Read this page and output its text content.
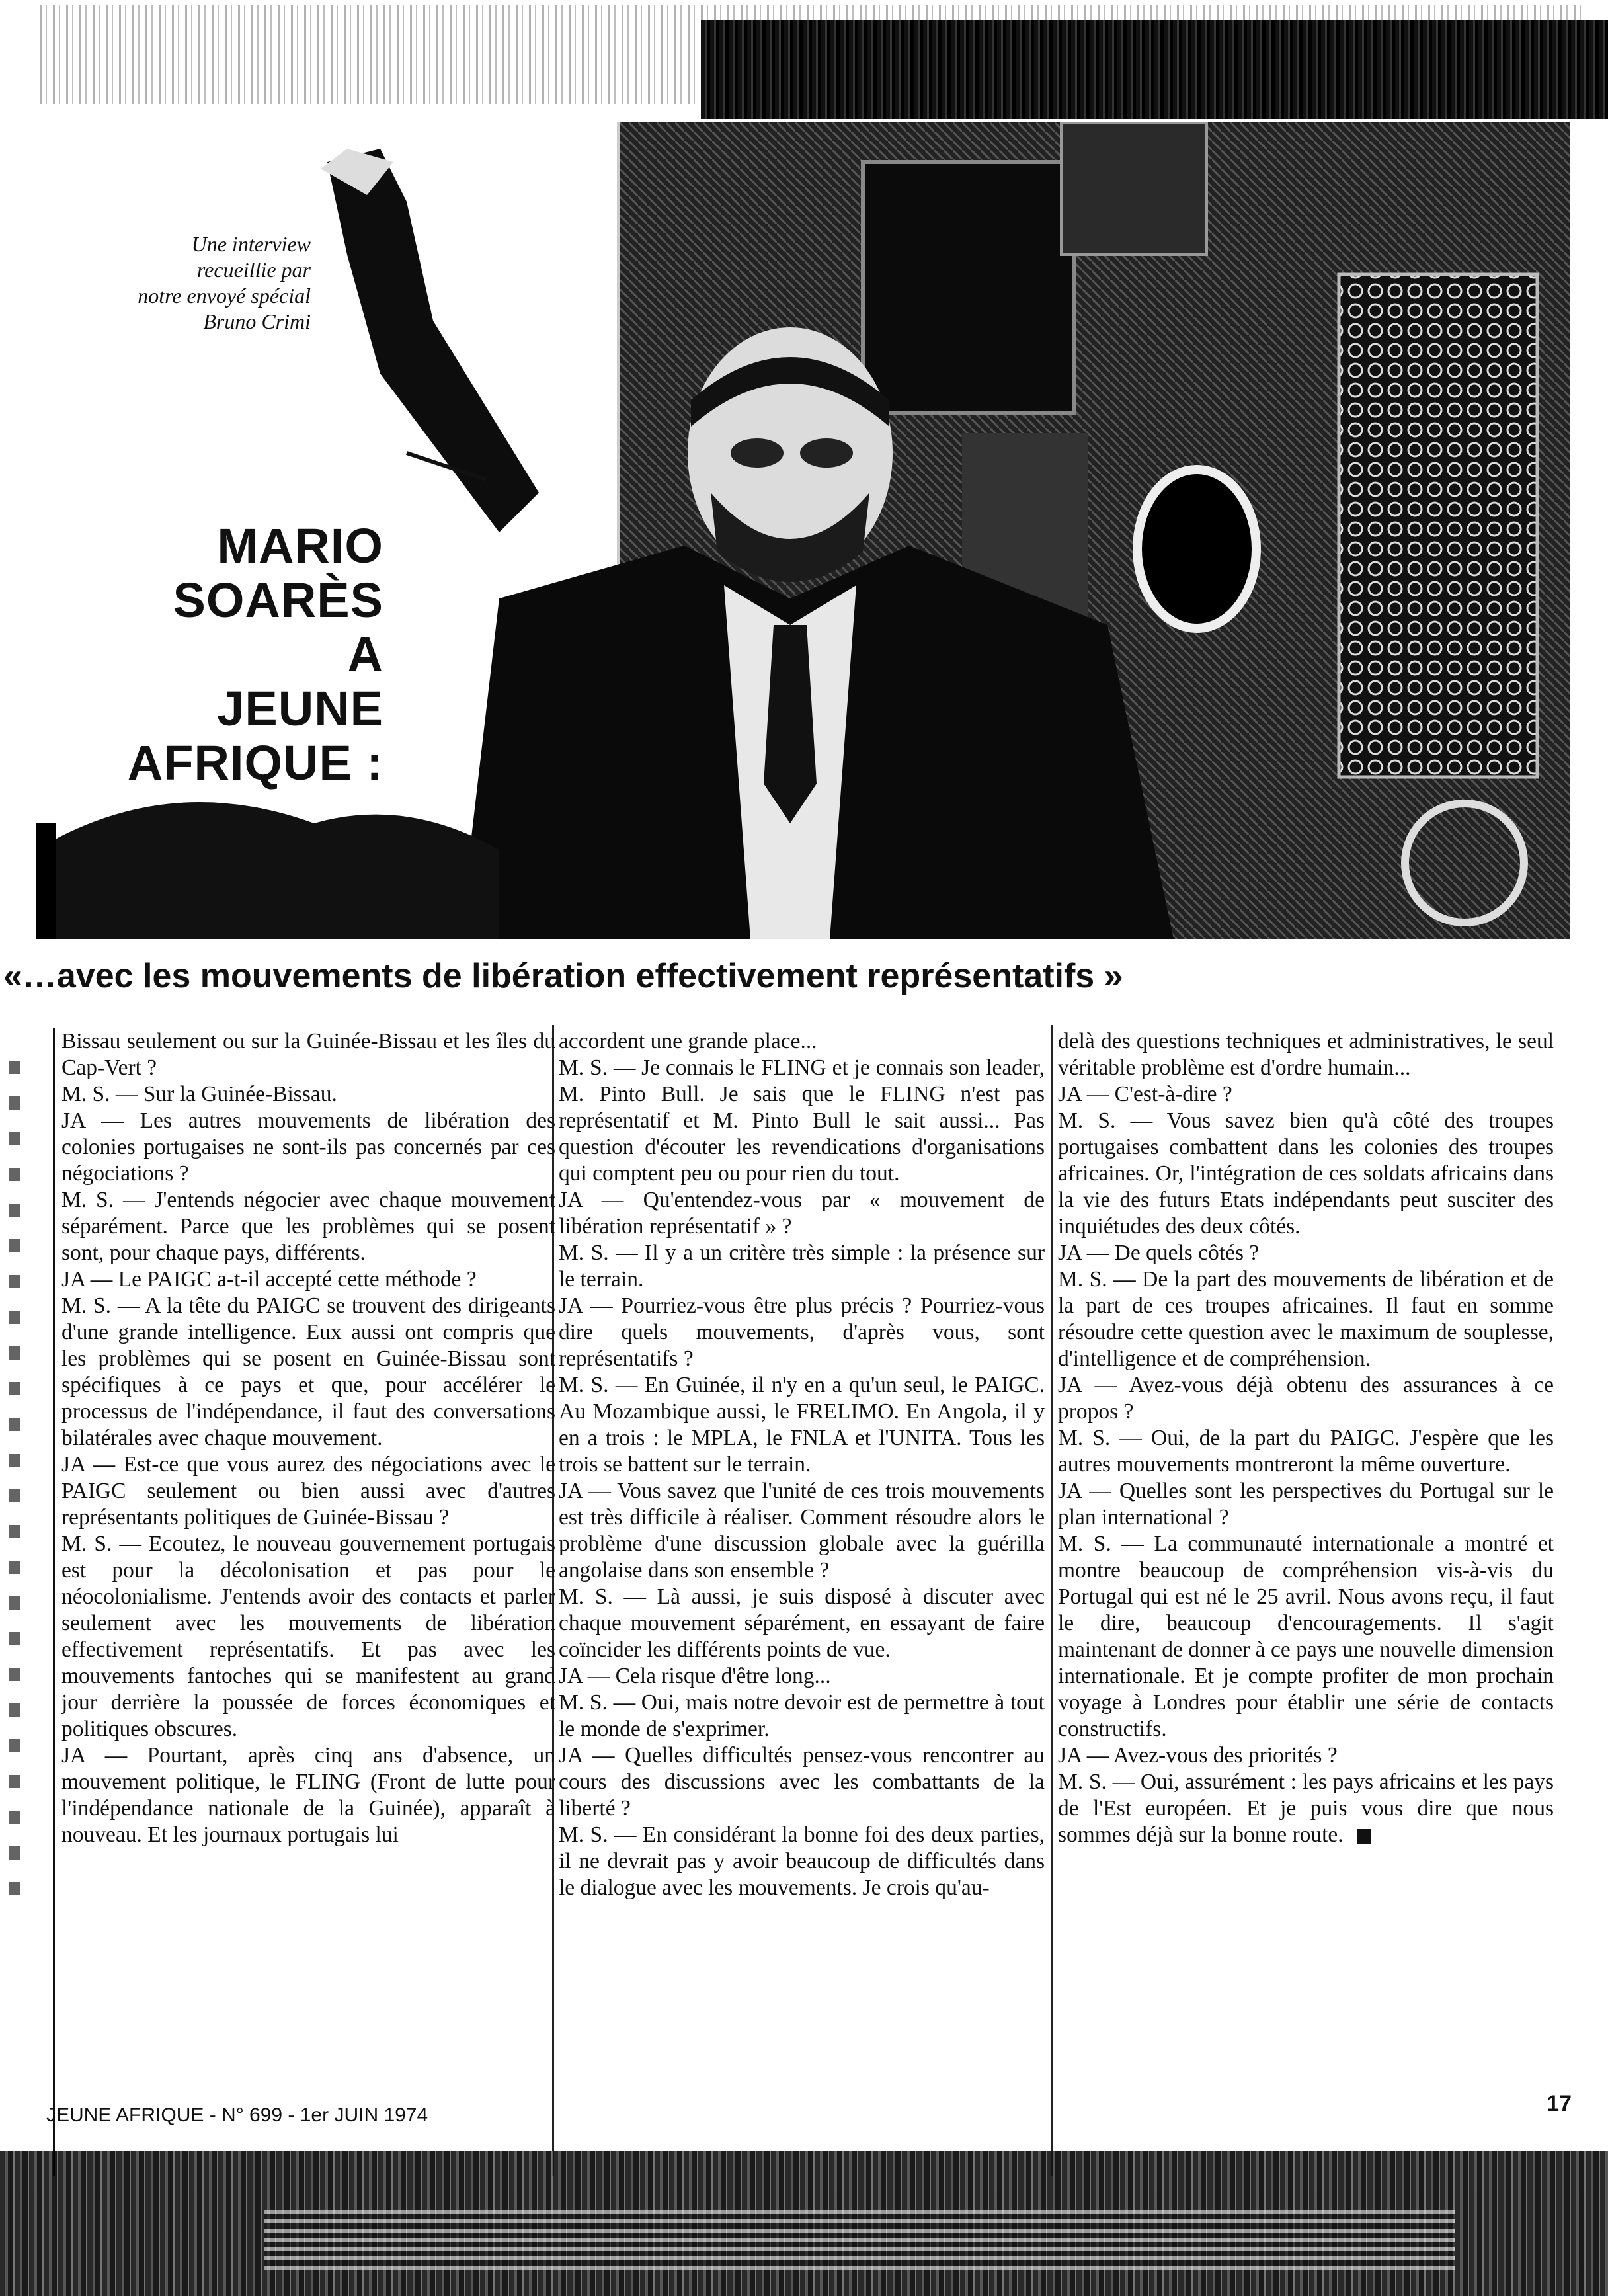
Une interview
recueillie par
notre envoyé spécial
Bruno Crimi
MARIO
SOARÈS
A
JEUNE
AFRIQUE :
«…avec les mouvements de libération effectivement représentatifs »

Bissau seulement ou sur la Guinée-Bissau et les îles du Cap-Vert ?

M. S. — Sur la Guinée-Bissau.

JA — Les autres mouvements de libération des colonies portugaises ne sont-ils pas concernés par ces négociations ?

M. S. — J'entends négocier avec chaque mouvement séparément. Parce que les problèmes qui se posent sont, pour chaque pays, différents.

JA — Le PAIGC a-t-il accepté cette méthode ?

M. S. — A la tête du PAIGC se trouvent des dirigeants d'une grande intelligence. Eux aussi ont compris que les problèmes qui se posent en Guinée-Bissau sont spécifiques à ce pays et que, pour accélérer le processus de l'indépendance, il faut des conversations bilatérales avec chaque mouvement.

JA — Est-ce que vous aurez des négociations avec le PAIGC seulement ou bien aussi avec d'autres représentants politiques de Guinée-Bissau ?

M. S. — Ecoutez, le nouveau gouvernement portugais est pour la décolonisation et pas pour le néocolonialisme. J'entends avoir des contacts et parler seulement avec les mouvements de libération effectivement représentatifs. Et pas avec les mouvements fantoches qui se manifestent au grand jour derrière la poussée de forces économiques et politiques obscures.

JA — Pourtant, après cinq ans d'absence, un mouvement politique, le FLING (Front de lutte pour l'indépendance nationale de la Guinée), apparaît à nouveau. Et les journaux portugais lui

accordent une grande place...

M. S. — Je connais le FLING et je connais son leader, M. Pinto Bull. Je sais que le FLING n'est pas représentatif et M. Pinto Bull le sait aussi... Pas question d'écouter les revendications d'organisations qui comptent peu ou pour rien du tout.

JA — Qu'entendez-vous par « mouvement de libération représentatif » ?

M. S. — Il y a un critère très simple : la présence sur le terrain.

JA — Pourriez-vous être plus précis ? Pourriez-vous dire quels mouvements, d'après vous, sont représentatifs ?

M. S. — En Guinée, il n'y en a qu'un seul, le PAIGC. Au Mozambique aussi, le FRELIMO. En Angola, il y en a trois : le MPLA, le FNLA et l'UNITA. Tous les trois se battent sur le terrain.

JA — Vous savez que l'unité de ces trois mouvements est très difficile à réaliser. Comment résoudre alors le problème d'une discussion globale avec la guérilla angolaise dans son ensemble ?

M. S. — Là aussi, je suis disposé à discuter avec chaque mouvement séparément, en essayant de faire coïncider les différents points de vue.

JA — Cela risque d'être long...

M. S. — Oui, mais notre devoir est de permettre à tout le monde de s'exprimer.

JA — Quelles difficultés pensez-vous rencontrer au cours des discussions avec les combattants de la liberté ?

M. S. — En considérant la bonne foi des deux parties, il ne devrait pas y avoir beaucoup de difficultés dans le dialogue avec les mouvements. Je crois qu'au-

delà des questions techniques et administratives, le seul véritable problème est d'ordre humain...

JA — C'est-à-dire ?

M. S. — Vous savez bien qu'à côté des troupes portugaises combattent dans les colonies des troupes africaines. Or, l'intégration de ces soldats africains dans la vie des futurs Etats indépendants peut susciter des inquiétudes des deux côtés.

JA — De quels côtés ?

M. S. — De la part des mouvements de libération et de la part de ces troupes africaines. Il faut en somme résoudre cette question avec le maximum de souplesse, d'intelligence et de compréhension.

JA — Avez-vous déjà obtenu des assurances à ce propos ?

M. S. — Oui, de la part du PAIGC. J'espère que les autres mouvements montreront la même ouverture.

JA — Quelles sont les perspectives du Portugal sur le plan international ?

M. S. — La communauté internationale a montré et montre beaucoup de compréhension vis-à-vis du Portugal qui est né le 25 avril. Nous avons reçu, il faut le dire, beaucoup d'encouragements. Il s'agit maintenant de donner à ce pays une nouvelle dimension internationale. Et je compte profiter de mon prochain voyage à Londres pour établir une série de contacts constructifs.

JA — Avez-vous des priorités ?

M. S. — Oui, assurément : les pays africains et les pays de l'Est européen. Et je puis vous dire que nous sommes déjà sur la bonne route.

JEUNE AFRIQUE - N° 699 - 1er JUIN 1974	17
